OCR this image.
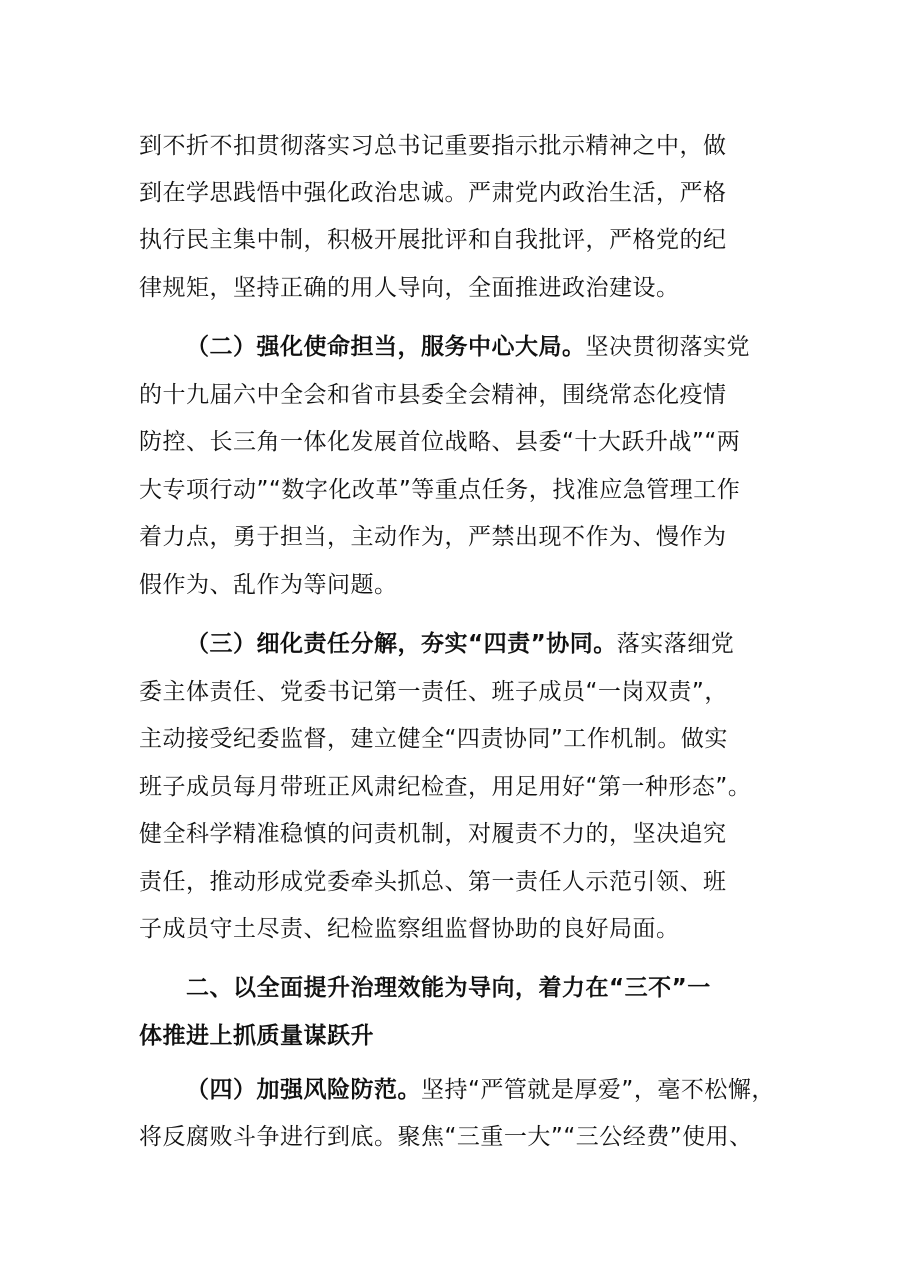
到不折不扣贯彻落实习总书记重要指示批示精神之中，做
到在学思践悟中强化政治忠诚。严肃党内政治生活，严格
执行民主集中制，积极开展批评和自我批评，严格党的纪
律规矩，坚持正确的用人导向，全面推进政治建设。
（二）强化使命担当，服务中心大局。坚决贯彻落实党
的十九届六中全会和省市县委全会精神，围绕常态化疫情
防控、长三角一体化发展首位战略、县委“十大跃升战”“两
大专项行动”“数字化改革”等重点任务，找准应急管理工作
着力点，勇于担当，主动作为，严禁出现不作为、慢作为
假作为、乱作为等问题。
（三）细化责任分解，夯实“四责”协同。落实落细党
委主体责任、党委书记第一责任、班子成员“一岗双责”，
主动接受纪委监督，建立健全“四责协同”工作机制。做实
班子成员每月带班正风肃纪检查，用足用好“第一种形态”。
健全科学精准稳慎的问责机制，对履责不力的，坚决追究
责任，推动形成党委牵头抓总、第一责任人示范引领、班
子成员守土尽责、纪检监察组监督协助的良好局面。
二、以全面提升治理效能为导向，着力在“三不”一
体推进上抓质量谋跃升
（四）加强风险防范。坚持“严管就是厚爱”，毫不松懈，
将反腐败斗争进行到底。聚焦“三重一大”“三公经费”使用、
